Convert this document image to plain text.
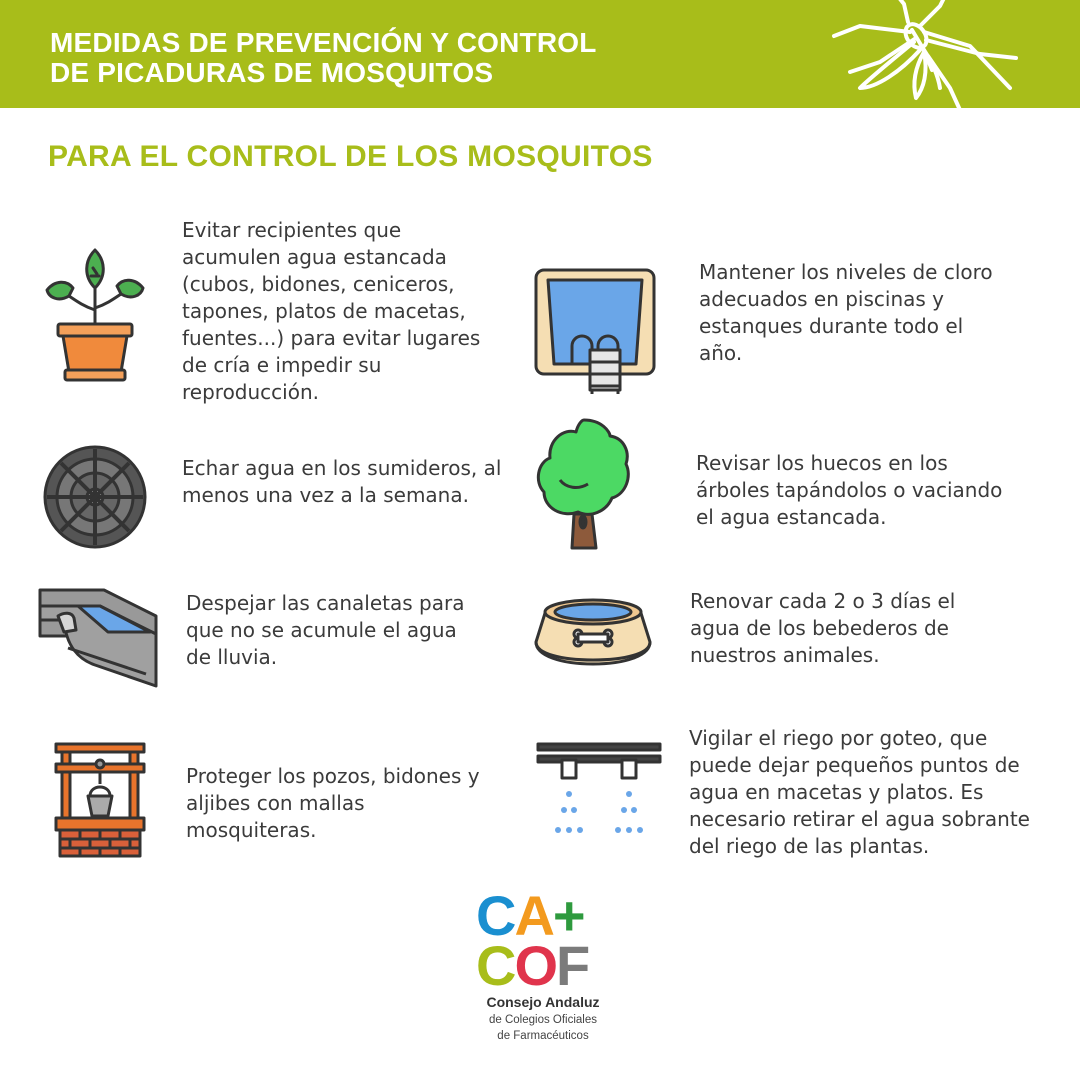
MEDIDAS DE PREVENCIÓN Y CONTROL
DE PICADURAS DE MOSQUITOS
PARA EL CONTROL DE LOS MOSQUITOS
Evitar recipientes que acumulen agua estancada (cubos, bidones, ceniceros, tapones, platos de macetas, fuentes...) para evitar lugares de cría e impedir su reproducción.
Mantener los niveles de cloro adecuados en piscinas y estanques durante todo el año.
Echar agua en los sumideros, al menos una vez a la semana.
Revisar los huecos en los árboles tapándolos o vaciando el agua estancada.
Despejar las canaletas para que no se acumule el agua de lluvia.
Renovar cada 2 o 3 días el agua de los bebederos de nuestros animales.
Proteger los pozos, bidones y aljibes con mallas mosquiteras.
Vigilar el riego por goteo, que puede dejar pequeños puntos de agua en macetas y platos. Es necesario retirar el agua sobrante del riego de las plantas.
CA+
COF
Consejo Andaluz
de Colegios Oficiales
de Farmacéuticos
